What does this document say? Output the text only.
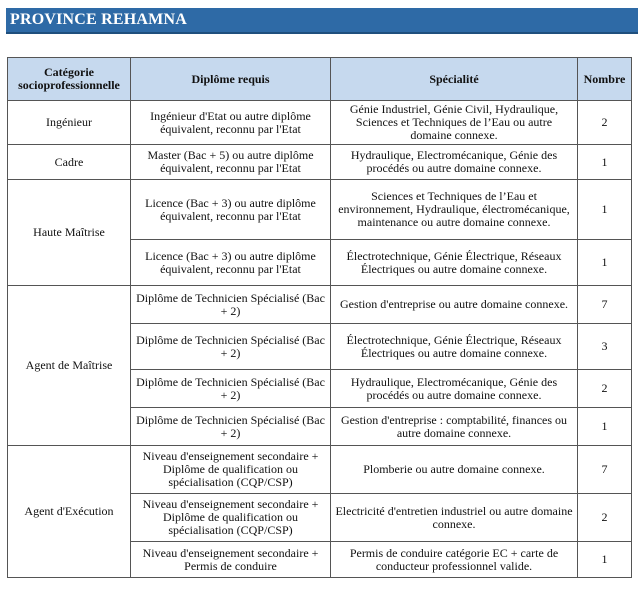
PROVINCE REHAMNA
Catégorie socioprofessionnelle	Diplôme requis	Spécialité	Nombre
Ingénieur	Ingénieur d'Etat ou autre diplôme équivalent, reconnu par l'Etat	Génie Industriel, Génie Civil, Hydraulique, Sciences et Techniques de l’Eau ou autre domaine connexe.	2
Cadre	Master (Bac + 5) ou autre diplôme équivalent, reconnu par l'Etat	Hydraulique, Electromécanique, Génie des procédés ou autre domaine connexe.	1
Haute Maîtrise	Licence (Bac + 3) ou autre diplôme équivalent, reconnu par l'Etat	Sciences et Techniques de l’Eau et environnement, Hydraulique, électromécanique, maintenance ou autre domaine connexe.	1
	Licence (Bac + 3) ou autre diplôme équivalent, reconnu par l'Etat	Électrotechnique, Génie Électrique, Réseaux Électriques ou autre domaine connexe.	1
Agent de Maîtrise	Diplôme de Technicien Spécialisé (Bac + 2)	Gestion d'entreprise ou autre domaine connexe.	7
	Diplôme de Technicien Spécialisé (Bac + 2)	Électrotechnique, Génie Électrique, Réseaux Électriques ou autre domaine connexe.	3
	Diplôme de Technicien Spécialisé (Bac + 2)	Hydraulique, Electromécanique, Génie des procédés ou autre domaine connexe.	2
	Diplôme de Technicien Spécialisé (Bac + 2)	Gestion d'entreprise : comptabilité, finances ou autre domaine connexe.	1
Agent d'Exécution	Niveau d'enseignement secondaire + Diplôme de qualification ou spécialisation (CQP/CSP)	Plomberie ou autre domaine connexe.	7
	Niveau d'enseignement secondaire + Diplôme de qualification ou spécialisation (CQP/CSP)	Electricité d'entretien industriel ou autre domaine connexe.	2
	Niveau d'enseignement secondaire + Permis de conduire	Permis de conduire catégorie EC + carte de conducteur professionnel valide.	1
